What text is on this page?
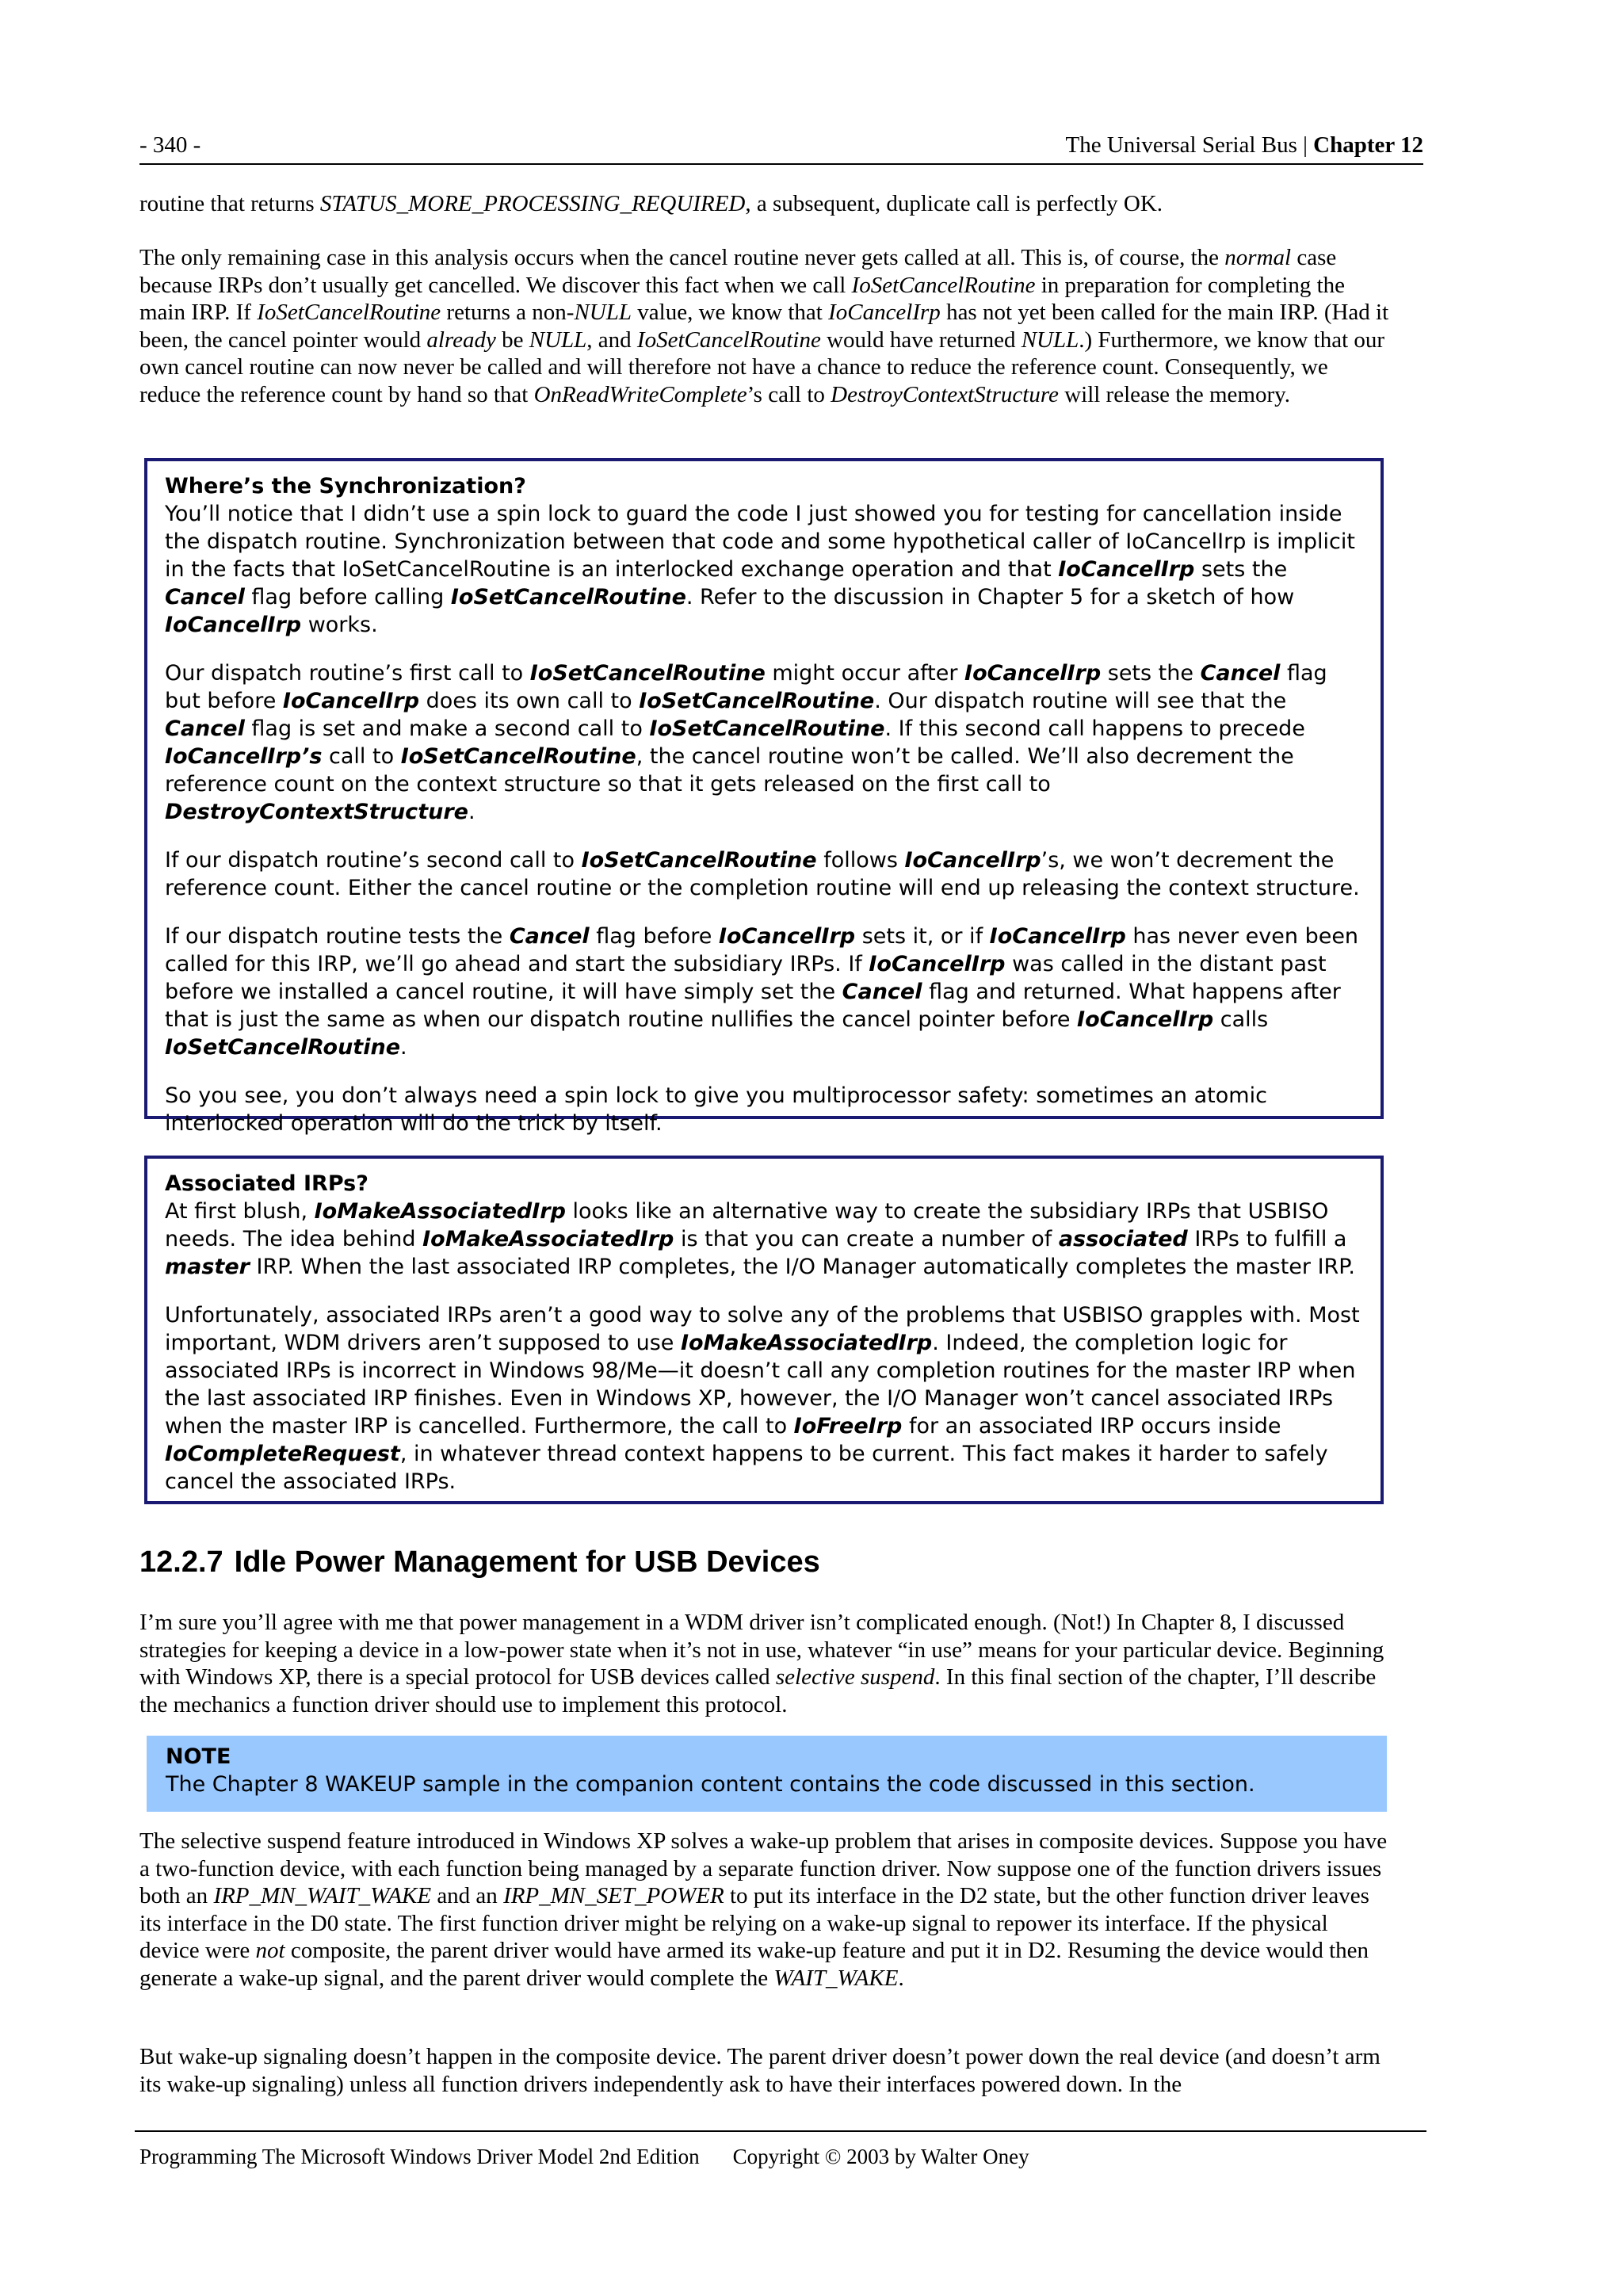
- 340 -	The Universal Serial Bus | Chapter 12

routine that returns STATUS_MORE_PROCESSING_REQUIRED, a subsequent, duplicate call is perfectly OK.

The only remaining case in this analysis occurs when the cancel routine never gets called at all. This is, of course, the normal case because IRPs don’t usually get cancelled. We discover this fact when we call IoSetCancelRoutine in preparation for completing the main IRP. If IoSetCancelRoutine returns a non-NULL value, we know that IoCancelIrp has not yet been called for the main IRP. (Had it been, the cancel pointer would already be NULL, and IoSetCancelRoutine would have returned NULL.) Furthermore, we know that our own cancel routine can now never be called and will therefore not have a chance to reduce the reference count. Consequently, we reduce the reference count by hand so that OnReadWriteComplete’s call to DestroyContextStructure will release the memory.

Where’s the Synchronization?

You’ll notice that I didn’t use a spin lock to guard the code I just showed you for testing for cancellation inside the dispatch routine. Synchronization between that code and some hypothetical caller of IoCancelIrp is implicit in the facts that IoSetCancelRoutine is an interlocked exchange operation and that IoCancelIrp sets the Cancel flag before calling IoSetCancelRoutine. Refer to the discussion in Chapter 5 for a sketch of how IoCancelIrp works.

Our dispatch routine’s first call to IoSetCancelRoutine might occur after IoCancelIrp sets the Cancel flag but before IoCancelIrp does its own call to IoSetCancelRoutine. Our dispatch routine will see that the Cancel flag is set and make a second call to IoSetCancelRoutine. If this second call happens to precede IoCancelIrp’s call to IoSetCancelRoutine, the cancel routine won’t be called. We’ll also decrement the reference count on the context structure so that it gets released on the first call to DestroyContextStructure.

If our dispatch routine’s second call to IoSetCancelRoutine follows IoCancelIrp’s, we won’t decrement the reference count. Either the cancel routine or the completion routine will end up releasing the context structure.

If our dispatch routine tests the Cancel flag before IoCancelIrp sets it, or if IoCancelIrp has never even been called for this IRP, we’ll go ahead and start the subsidiary IRPs. If IoCancelIrp was called in the distant past before we installed a cancel routine, it will have simply set the Cancel flag and returned. What happens after that is just the same as when our dispatch routine nullifies the cancel pointer before IoCancelIrp calls IoSetCancelRoutine.

So you see, you don’t always need a spin lock to give you multiprocessor safety: sometimes an atomic interlocked operation will do the trick by itself.

Associated IRPs?

At first blush, IoMakeAssociatedIrp looks like an alternative way to create the subsidiary IRPs that USBISO needs. The idea behind IoMakeAssociatedIrp is that you can create a number of associated IRPs to fulfill a master IRP. When the last associated IRP completes, the I/O Manager automatically completes the master IRP.

Unfortunately, associated IRPs aren’t a good way to solve any of the problems that USBISO grapples with. Most important, WDM drivers aren’t supposed to use IoMakeAssociatedIrp. Indeed, the completion logic for associated IRPs is incorrect in Windows 98/Me—it doesn’t call any completion routines for the master IRP when the last associated IRP finishes. Even in Windows XP, however, the I/O Manager won’t cancel associated IRPs when the master IRP is cancelled. Furthermore, the call to IoFreeIrp for an associated IRP occurs inside IoCompleteRequest, in whatever thread context happens to be current. This fact makes it harder to safely cancel the associated IRPs.

12.2.7 Idle Power Management for USB Devices

I’m sure you’ll agree with me that power management in a WDM driver isn’t complicated enough. (Not!) In Chapter 8, I discussed strategies for keeping a device in a low-power state when it’s not in use, whatever “in use” means for your particular device. Beginning with Windows XP, there is a special protocol for USB devices called selective suspend. In this final section of the chapter, I’ll describe the mechanics a function driver should use to implement this protocol.

NOTE
The Chapter 8 WAKEUP sample in the companion content contains the code discussed in this section.

The selective suspend feature introduced in Windows XP solves a wake-up problem that arises in composite devices. Suppose you have a two-function device, with each function being managed by a separate function driver. Now suppose one of the function drivers issues both an IRP_MN_WAIT_WAKE and an IRP_MN_SET_POWER to put its interface in the D2 state, but the other function driver leaves its interface in the D0 state. The first function driver might be relying on a wake-up signal to repower its interface. If the physical device were not composite, the parent driver would have armed its wake-up feature and put it in D2. Resuming the device would then generate a wake-up signal, and the parent driver would complete the WAIT_WAKE.

But wake-up signaling doesn’t happen in the composite device. The parent driver doesn’t power down the real device (and doesn’t arm its wake-up signaling) unless all function drivers independently ask to have their interfaces powered down. In the

Programming The Microsoft Windows Driver Model 2nd Edition Copyright © 2003 by Walter Oney
